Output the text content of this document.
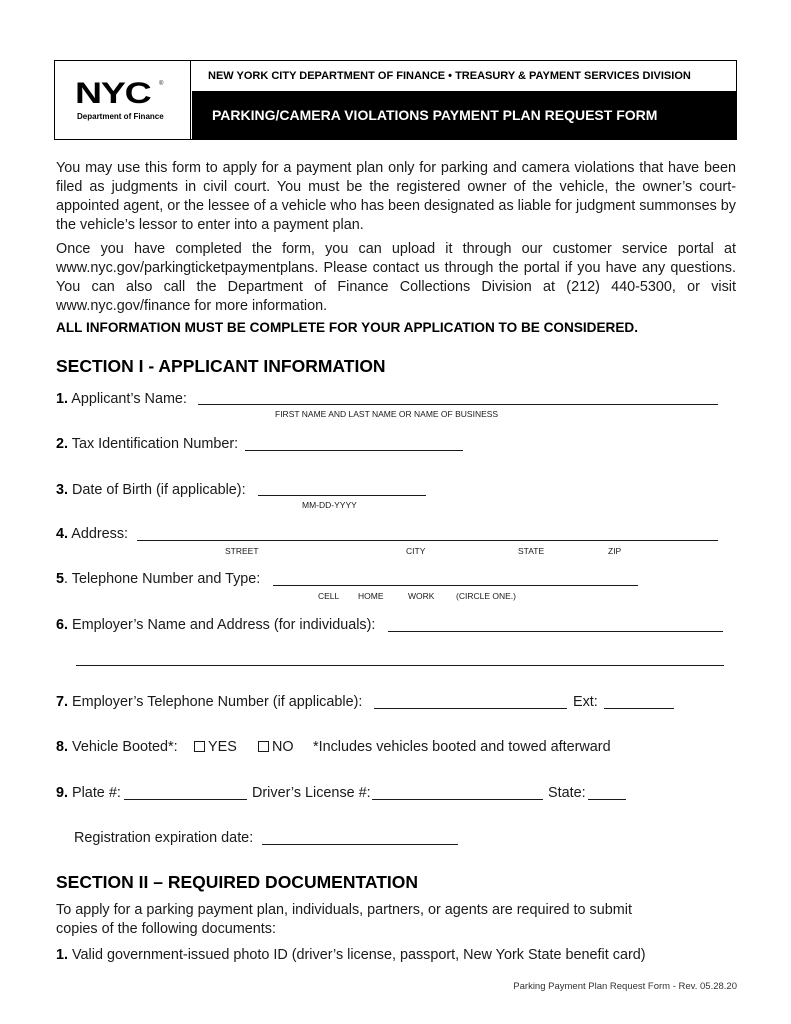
NYC ®
Department of Finance
NEW YORK CITY DEPARTMENT OF FINANCE • TREASURY & PAYMENT SERVICES DIVISION
PARKING/CAMERA VIOLATIONS PAYMENT PLAN REQUEST FORM

You may use this form to apply for a payment plan only for parking and camera violations that have been filed as judgments in civil court. You must be the registered owner of the vehicle, the owner’s court-appointed agent, or the lessee of a vehicle who has been designated as liable for judgment summonses by the vehicle’s lessor to enter into a payment plan.

Once you have completed the form, you can upload it through our customer service portal at www.nyc.gov/parkingticketpaymentplans. Please contact us through the portal if you have any questions. You can also call the Department of Finance Collections Division at (212) 440-5300, or visit www.nyc.gov/finance for more information.

ALL INFORMATION MUST BE COMPLETE FOR YOUR APPLICATION TO BE CONSIDERED.
SECTION I - APPLICANT INFORMATION
1. Applicant’s Name:
FIRST NAME AND LAST NAME OR NAME OF BUSINESS
2. Tax Identification Number:
3. Date of Birth (if applicable):
MM-DD-YYYY
4. Address:
STREET	CITY	STATE	ZIP
5. Telephone Number and Type:
CELL HOME	WORK	(CIRCLE ONE.)
6. Employer’s Name and Address (for individuals):
7. Employer’s Telephone Number (if applicable):	Ext:
8. Vehicle Booted*:	YES	NO *Includes vehicles booted and towed afterward
9. Plate #:	Driver’s License #:	State:
Registration expiration date:
SECTION II – REQUIRED DOCUMENTATION
To apply for a parking payment plan, individuals, partners, or agents are required to submit
copies of the following documents:
1. Valid government-issued photo ID (driver’s license, passport, New York State benefit card)
Parking Payment Plan Request Form - Rev. 05.28.20
